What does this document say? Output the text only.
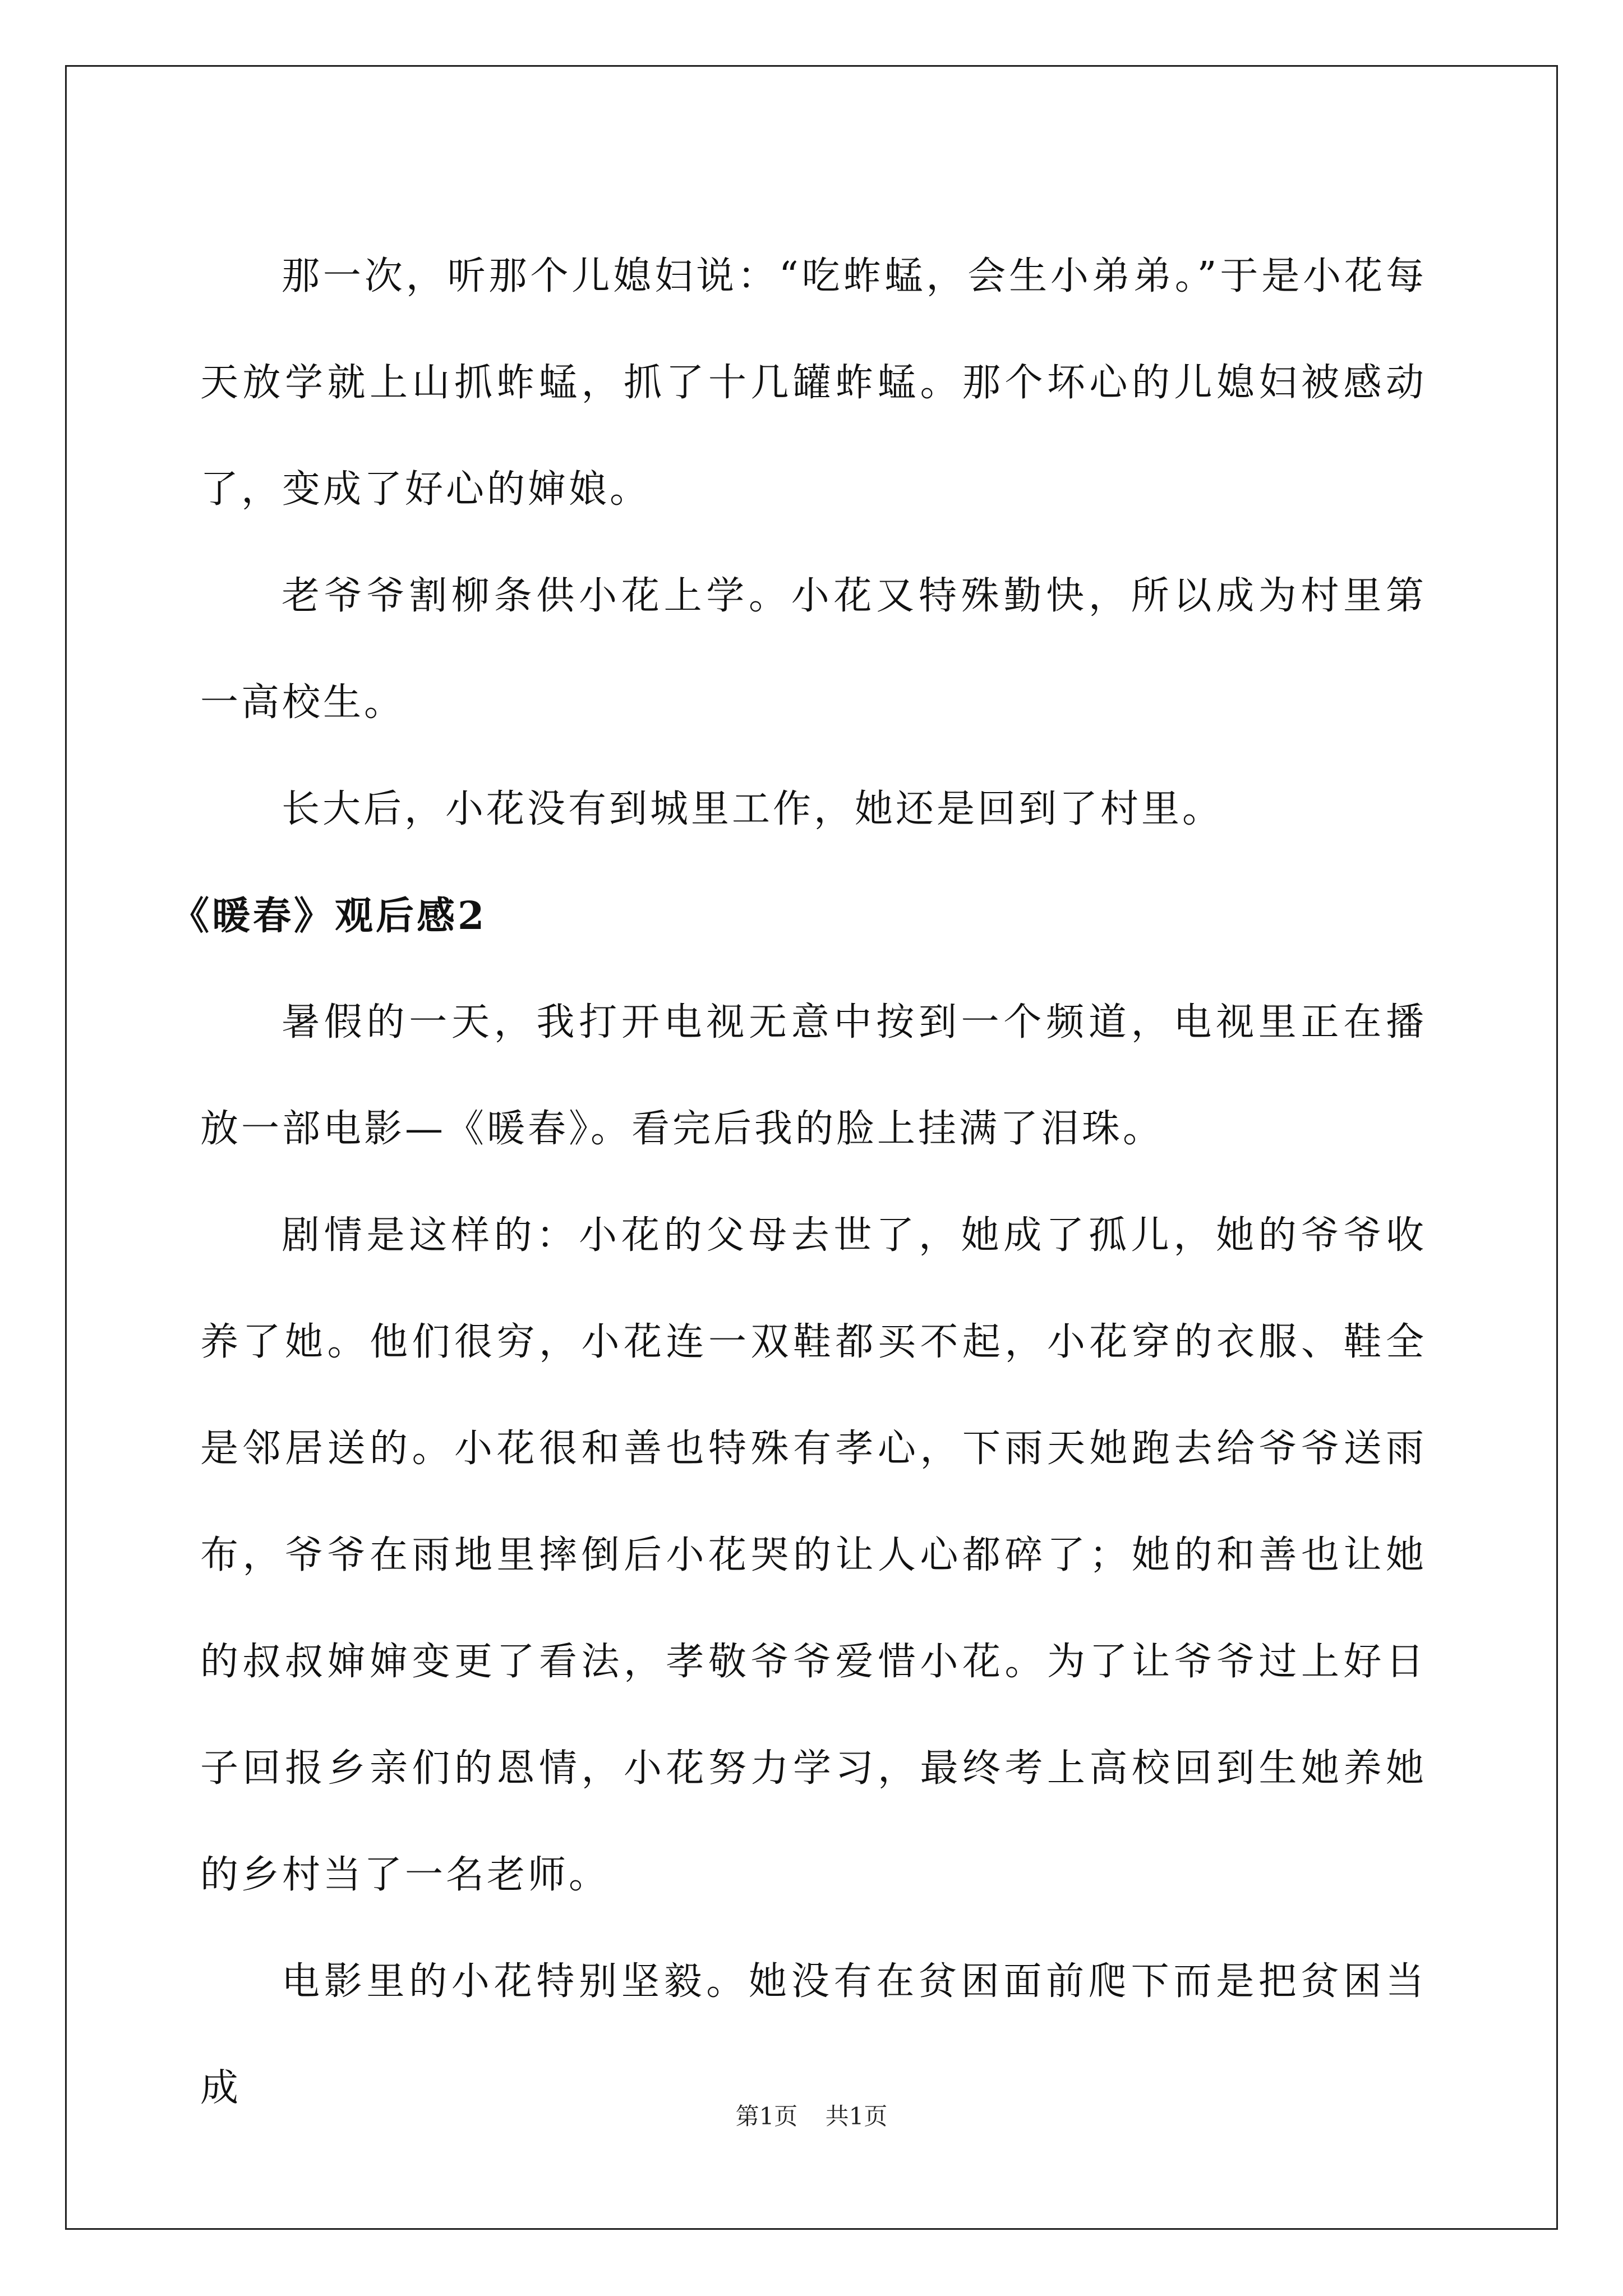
那一次，听那个儿媳妇说：“吃蚱蜢，会生小弟弟。”于是小花每天放学就上山抓蚱蜢，抓了十几罐蚱蜢。那个坏心的儿媳妇被感动了，变成了好心的婶娘。

老爷爷割柳条供小花上学。小花又特殊勤快，所以成为村里第一高校生。

长大后，小花没有到城里工作，她还是回到了村里。

《暖春》观后感2

暑假的一天，我打开电视无意中按到一个频道，电视里正在播放一部电影—《暖春》。看完后我的脸上挂满了泪珠。

剧情是这样的：小花的父母去世了，她成了孤儿，她的爷爷收养了她。他们很穷，小花连一双鞋都买不起，小花穿的衣服、鞋全是邻居送的。小花很和善也特殊有孝心，下雨天她跑去给爷爷送雨布，爷爷在雨地里摔倒后小花哭的让人心都碎了；她的和善也让她的叔叔婶婶变更了看法，孝敬爷爷爱惜小花。为了让爷爷过上好日子回报乡亲们的恩情，小花努力学习，最终考上高校回到生她养她的乡村当了一名老师。

电影里的小花特别坚毅。她没有在贫困面前爬下而是把贫困当成

第1页 共1页
